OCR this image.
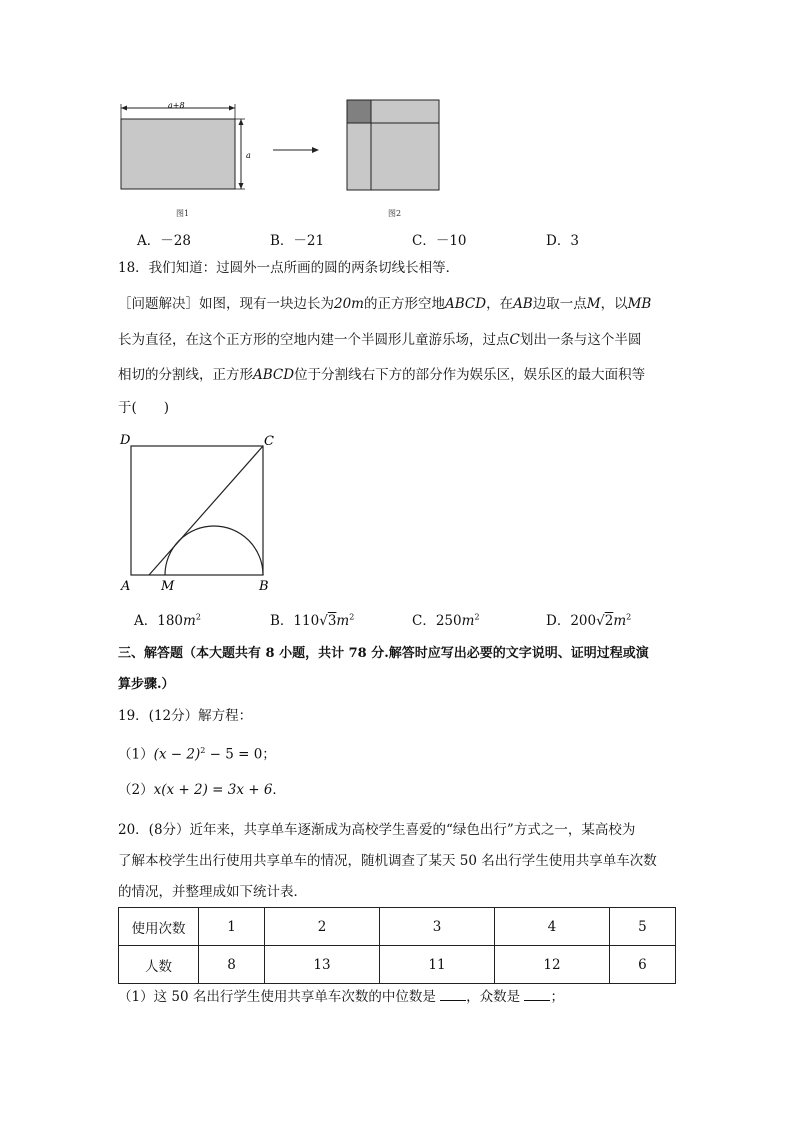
a+8
a
图1	图2
A．－28	B．－21	C．－10	D．3
18．我们知道：过圆外一点所画的圆的两条切线长相等．
［问题解决］如图，现有一块边长为20m的正方形空地ABCD，在AB边取一点M，以MB
长为直径，在这个正方形的空地内建一个半圆形儿童游乐场，过点C划出一条与这个半圆
相切的分割线，正方形ABCD位于分割线右下方的部分作为娱乐区，娱乐区的最大面积等
于(　　)
D	C
A M	B
A．$180m^2$	B．$110√3m^2$	C．$250m^2$	D．$200√2m^2$
三、解答题（本大题共有 8 小题，共计 78 分.解答时应写出必要的文字说明、证明过程或演
算步骤.）
19．(12分）解方程：
$(1)(x - 2)^2 - 5 = 0$；
（2）x(x + 2) = 3x + 6．
20．(8分）近年来，共享单车逐渐成为高校学生喜爱的“绿色出行”方式之一，某高校为
了解本校学生出行使用共享单车的情况，随机调查了某天 50 名出行学生使用共享单车次数
的情况，并整理成如下统计表．
使用次数	1	2	3	4	5
人数	8	13	11	12	6
（1）这 50 名出行学生使用共享单车次数的中位数是 ，众数是 ；
